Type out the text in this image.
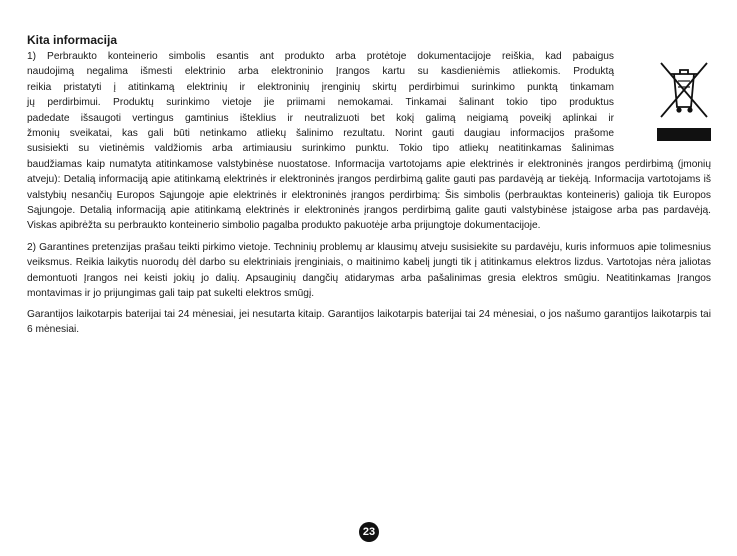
Kita informacija

1) Perbraukto konteinerio simbolis esantis ant produkto arba protėtoje dokumentacijoje reiškia, kad pabaigus

naudojimą negalima išmesti elektrinio arba elektroninio Įrangos kartu su kasdieniėmis atliekomis. Produktą

reikia pristatyti į atitinkamą elektrinių ir elektroninių įrenginių skirtų perdirbimui surinkimo punktą tinkamam

jų perdirbimui. Produktų surinkimo vietoje jie priimami nemokamai. Tinkamai šalinant tokio tipo produktus

padedate išsaugoti vertingus gamtinius išteklius ir neutralizuoti bet kokį galimą neigiamą poveikį aplinkai ir

žmonių sveikatai, kas gali būti netinkamo atliekų šalinimo rezultatu. Norint gauti daugiau informacijos prašome

susisiekti su vietinėmis valdžiomis arba artimiausiu surinkimo punktu. Tokio tipo atliekų neatitinkamas šalinimas

baudžiamas kaip numatyta atitinkamose valstybinėse nuostatose. Informacija vartotojams apie elektrinės ir elektroninės įrangos perdirbimą (įmonių atveju): Detalią informaciją apie atitinkamą elektrinės ir elektroninės įrangos perdirbimą galite gauti pas pardavėją ar tiekėją. Informacija vartotojams iš valstybių nesančių Europos Sąjungoje apie elektrinės ir elektroninės įrangos perdirbimą: Šis simbolis (perbrauktas konteineris) galioja tik Europos Sąjungoje. Detalią informaciją apie atitinkamą elektrinės ir elektroninės įrangos perdirbimą galite gauti valstybinėse įstaigose arba pas pardavėją. Viskas apibrėžta su perbraukto konteinerio simbolio pagalba produkto pakuotėje arba prijungtoje dokumentacijoje.

2) Garantines pretenzijas prašau teikti pirkimo vietoje. Techninių problemų ar klausimų atveju susisiekite su pardavėju, kuris informuos apie tolimesnius veiksmus. Reikia laikytis nuorodų dėl darbo su elektriniais įrenginiais, o maitinimo kabelį jungti tik į atitinkamus elektros lizdus. Vartotojas nėra įaliotas demontuoti Įrangos nei keisti jokių jo dalių. Apsauginių dangčių atidarymas arba pašalinimas gresia elektros smūgiu. Neatitinkamas Įrangos montavimas ir jo prijungimas gali taip pat sukelti elektros smūgį.

Garantijos laikotarpis baterijai tai 24 mėnesiai, jei nesutarta kitaip. Garantijos laikotarpis baterijai tai 24 mėnesiai, o jos našumo garantijos laikotarpis tai 6 mėnesiai.

23
